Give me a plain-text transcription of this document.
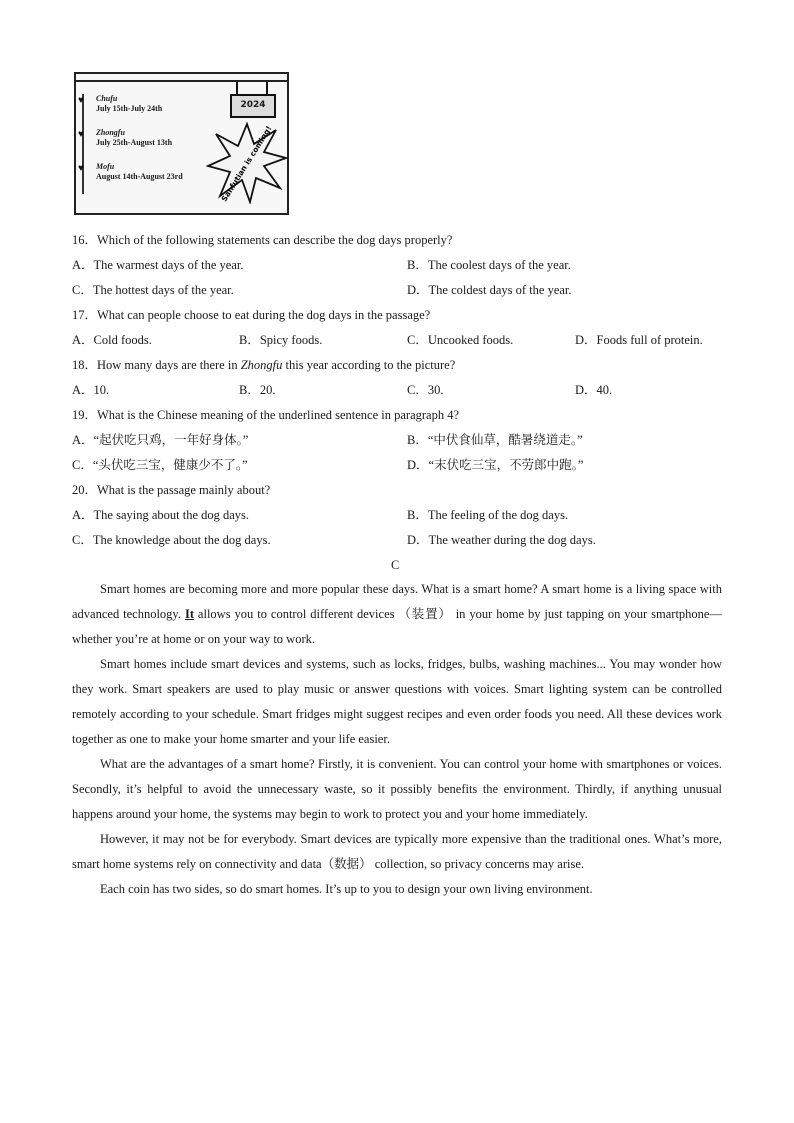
2024
♥ Chufu
July 15th-July 24th
♥ Zhongfu
July 25th-August 13th
♥ Mofu
August 14th-August 23rd	Sanfutian is coming!
16．Which of the following statements can describe the dog days properly?
A．The warmest days of the year.	B．The coolest days of the year.
C．The hottest days of the year.	D．The coldest days of the year.
17．What can people choose to eat during the dog days in the passage?
A．Cold foods.	B．Spicy foods.	C．Uncooked foods.	D．Foods full of protein.
18．How many days are there in Zhongfu this year according to the picture?
A．10.	B．20.	C．30.	D．40.
19．What is the Chinese meaning of the underlined sentence in paragraph 4?
A．“起伏吃只鸡，一年好身体。”	B．“中伏食仙草，酷暑绕道走。”
C．“头伏吃三宝，健康少不了。”	D．“末伏吃三宝，不劳郎中跑。”
20．What is the passage mainly about?
A．The saying about the dog days.	B．The feeling of the dog days.
C．The knowledge about the dog days.	D．The weather during the dog days.
C

Smart homes are becoming more and more popular these days. What is a smart home? A smart home is a living space with advanced technology. It allows you to control different devices （装置） in your home by just tapping on your smartphone—whether you’re at home or on your way to work.

Smart homes include smart devices and systems, such as locks, fridges, bulbs, washing machines... You may wonder how they work. Smart speakers are used to play music or answer questions with voices. Smart lighting system can be controlled remotely according to your schedule. Smart fridges might suggest recipes and even order foods you need. All these devices work together as one to make your home smarter and your life easier.

What are the advantages of a smart home? Firstly, it is convenient. You can control your home with smartphones or voices. Secondly, it’s helpful to avoid the unnecessary waste, so it possibly benefits the environment. Thirdly, if anything unusual happens around your home, the systems may begin to work to protect you and your home immediately.

However, it may not be for everybody. Smart devices are typically more expensive than the traditional ones. What’s more, smart home systems rely on connectivity and data（数据） collection, so privacy concerns may arise.

Each coin has two sides, so do smart homes. It’s up to you to design your own living environment.
